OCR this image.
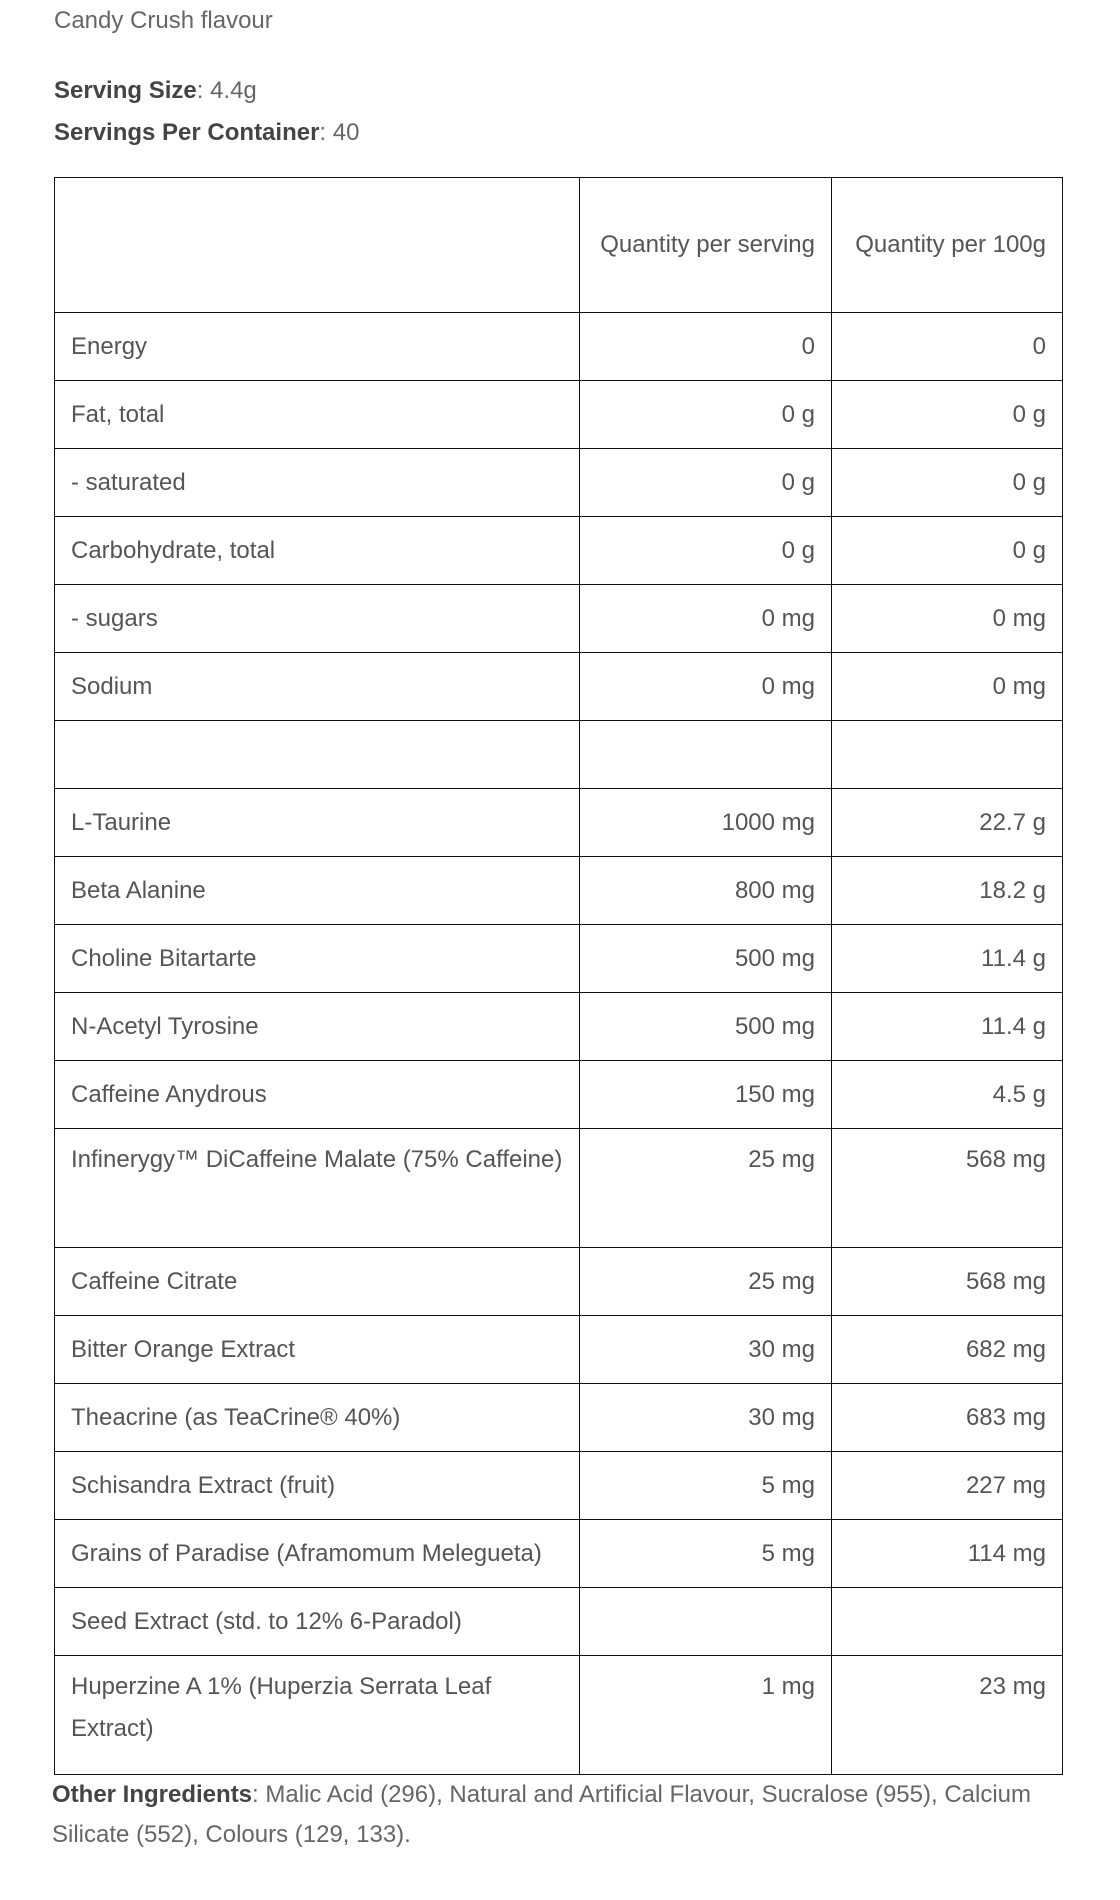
Candy Crush flavour
Serving Size: 4.4g
Servings Per Container: 40
	Quantity per serving	Quantity per 100g
Energy	0	0
Fat, total	0 g	0 g
- saturated	0 g	0 g
Carbohydrate, total	0 g	0 g
- sugars	0 mg	0 mg
Sodium	0 mg	0 mg

L-Taurine	1000 mg	22.7 g
Beta Alanine	800 mg	18.2 g
Choline Bitartarte	500 mg	11.4 g
N-Acetyl Tyrosine	500 mg	11.4 g
Caffeine Anydrous	150 mg	4.5 g
Infinerygy™ DiCaffeine Malate (75% Caffeine)	25 mg	568 mg
Caffeine Citrate	25 mg	568 mg
Bitter Orange Extract	30 mg	682 mg
Theacrine (as TeaCrine® 40%)	30 mg	683 mg
Schisandra Extract (fruit)	5 mg	227 mg
Grains of Paradise (Aframomum Melegueta)	5 mg	114 mg
Seed Extract (std. to 12% 6-Paradol)		
Huperzine A 1% (Huperzia Serrata Leaf Extract)	1 mg	23 mg
Other Ingredients: Malic Acid (296), Natural and Artificial Flavour, Sucralose (955), Calcium Silicate (552), Colours (129, 133).
